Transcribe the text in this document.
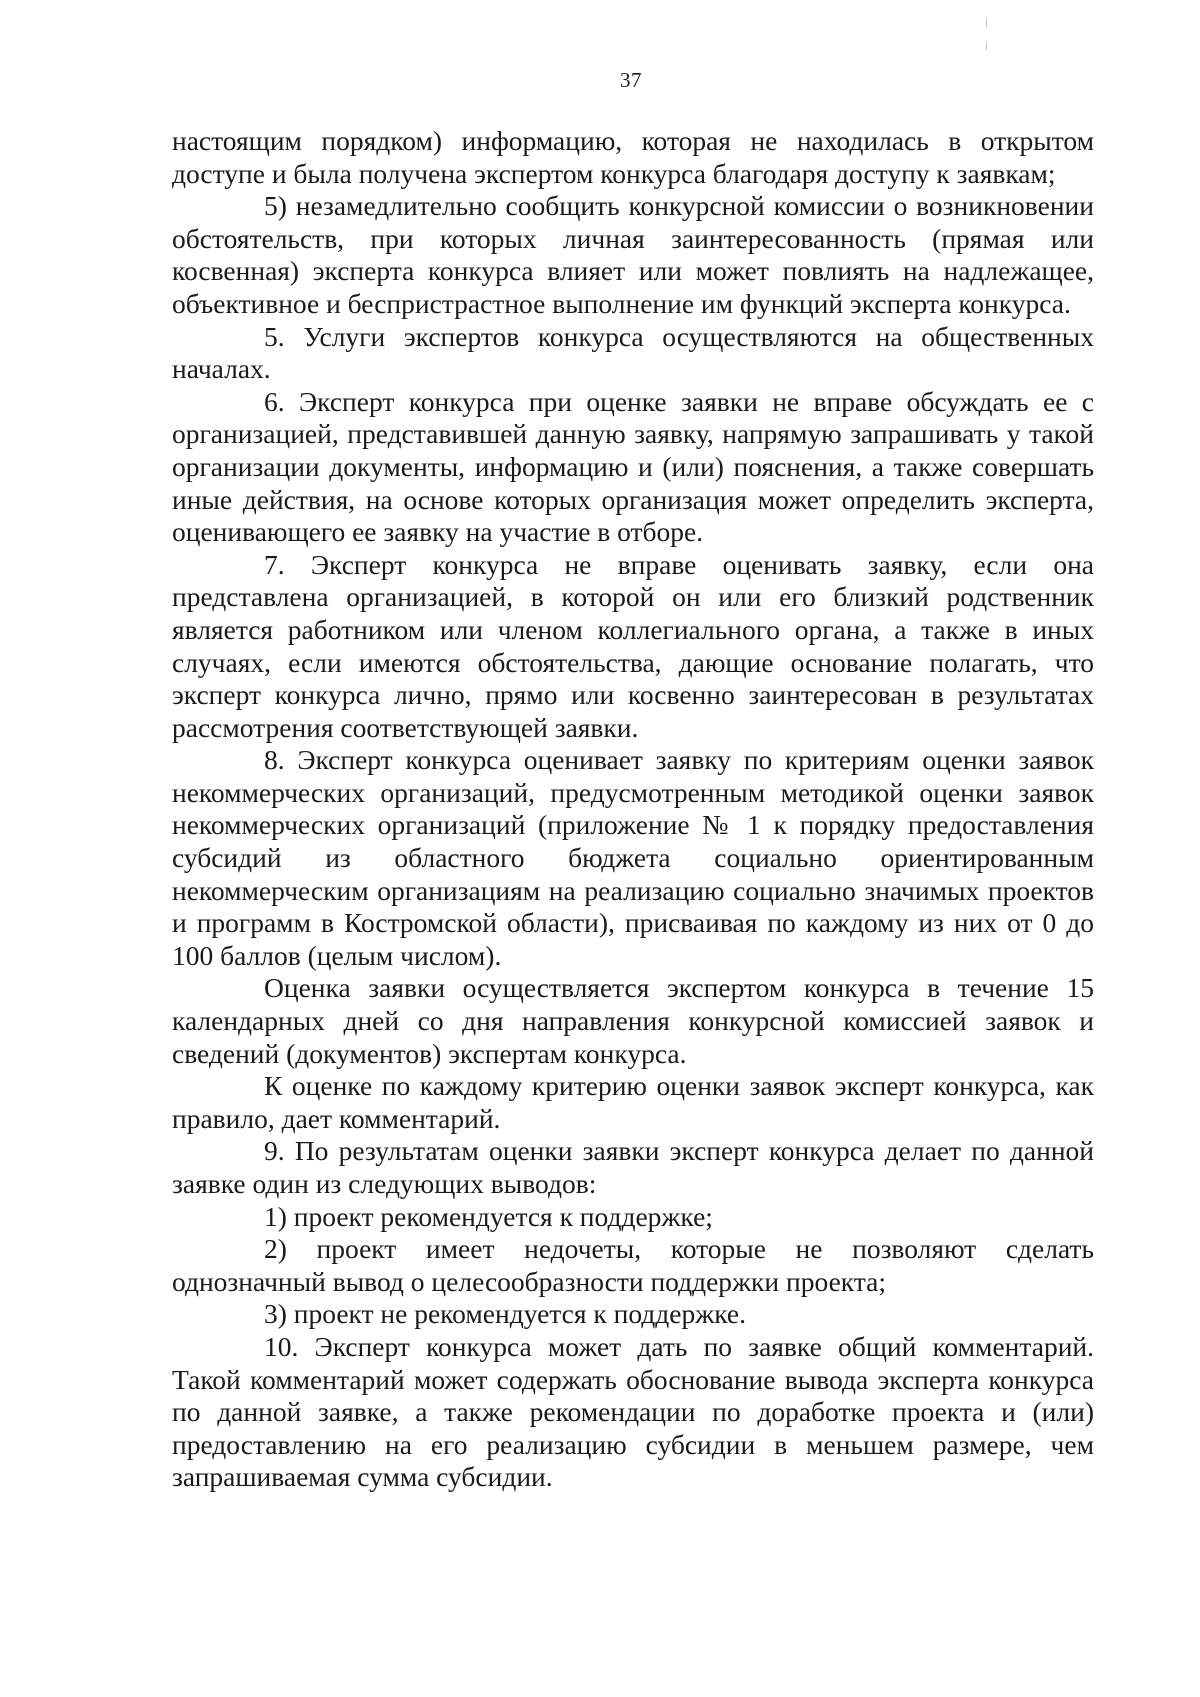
37

настоящим порядком) информацию, которая не находилась в открытом доступе и была получена экспертом конкурса благодаря доступу к заявкам;

5) незамедлительно сообщить конкурсной комиссии о возникновении обстоятельств, при которых личная заинтересованность (прямая или косвенная) эксперта конкурса влияет или может повлиять на надлежащее, объективное и беспристрастное выполнение им функций эксперта конкурса.

5. Услуги экспертов конкурса осуществляются на общественных началах.

6. Эксперт конкурса при оценке заявки не вправе обсуждать ее с организацией, представившей данную заявку, напрямую запрашивать у такой организации документы, информацию и (или) пояснения, а также совершать иные действия, на основе которых организация может определить эксперта, оценивающего ее заявку на участие в отборе.

7. Эксперт конкурса не вправе оценивать заявку, если она представлена организацией, в которой он или его близкий родственник является работником или членом коллегиального органа, а также в иных случаях, если имеются обстоятельства, дающие основание полагать, что эксперт конкурса лично, прямо или косвенно заинтересован в результатах рассмотрения соответствующей заявки.

8. Эксперт конкурса оценивает заявку по критериям оценки заявок некоммерческих организаций, предусмотренным методикой оценки заявок некоммерческих организаций (приложение № 1 к порядку предоставления субсидий из областного бюджета социально ориентированным некоммерческим организациям на реализацию социально значимых проектов и программ в Костромской области), присваивая по каждому из них от 0 до 100 баллов (целым числом).

Оценка заявки осуществляется экспертом конкурса в течение 15 календарных дней со дня направления конкурсной комиссией заявок и сведений (документов) экспертам конкурса.

К оценке по каждому критерию оценки заявок эксперт конкурса, как правило, дает комментарий.

9. По результатам оценки заявки эксперт конкурса делает по данной заявке один из следующих выводов:

1) проект рекомендуется к поддержке;

2) проект имеет недочеты, которые не позволяют сделать однозначный вывод о целесообразности поддержки проекта;

3) проект не рекомендуется к поддержке.

10. Эксперт конкурса может дать по заявке общий комментарий. Такой комментарий может содержать обоснование вывода эксперта конкурса по данной заявке, а также рекомендации по доработке проекта и (или) предоставлению на его реализацию субсидии в меньшем размере, чем запрашиваемая сумма субсидии.
